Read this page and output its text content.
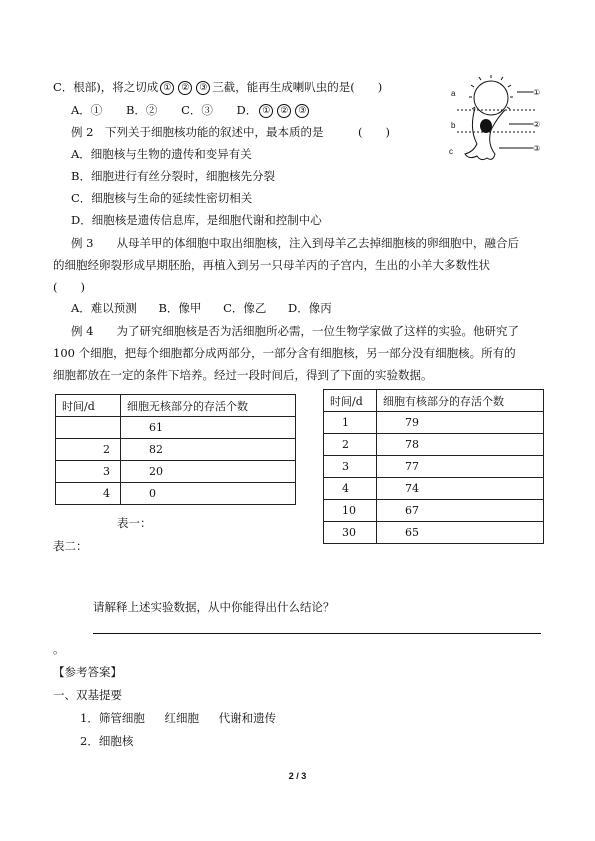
C．根部)，将之切成 ① ② ③ 三截，能再生成喇叭虫的是(　　)
A．① B．② C．③ D． ① ② ③
a
b
c
①
②
③
例 2　下列关于细胞核功能的叙述中，最本质的是　　　(　　)
A．细胞核与生物的遗传和变异有关
B．细胞进行有丝分裂时，细胞核先分裂
C．细胞核与生命的延续性密切相关
D．细胞核是遗传信息库，是细胞代谢和控制中心
例 3　　从母羊甲的体细胞中取出细胞核，注入到母羊乙去掉细胞核的卵细胞中，融合后
的细胞经卵裂形成早期胚胎，再植入到另一只母羊丙的子宫内，生出的小羊大多数性状
(　　)
A．难以预测 B．像甲 C．像乙 D．像丙
例 4　　为了研究细胞核是否为活细胞所必需，一位生物学家做了这样的实验。他研究了
100 个细胞，把每个细胞都分成两部分，一部分含有细胞核，另一部分没有细胞核。所有的
细胞都放在一定的条件下培养。经过一段时间后，得到了下面的实验数据。
时间/d	细胞无核部分的存活个数
	61
2	82
3	20
4	0
表一：
时间/d	细胞有核部分的存活个数
1	79
2	78
3	77
4	74
10	67
30	65
表二：
请解释上述实验数据，从中你能得出什么结论？
。
【参考答案】
一、双基提要
1．筛管细胞 红细胞 代谢和遗传
2．细胞核
2 / 3
